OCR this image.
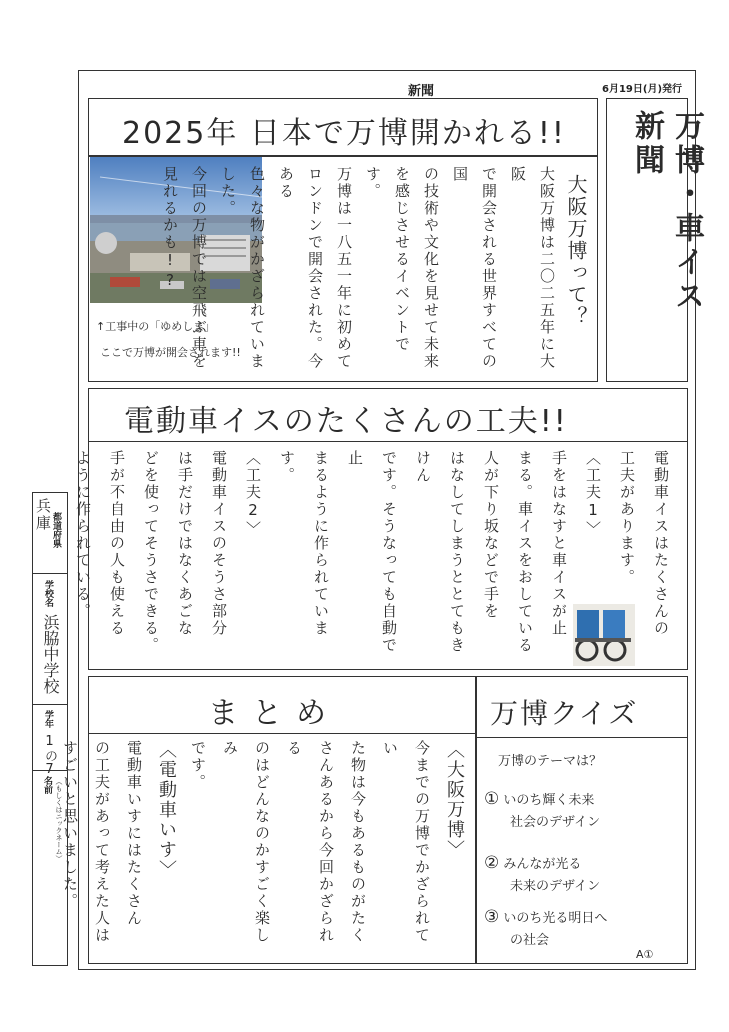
新聞	6月19日(月)発行
2025年 日本で万博開かれる!!
↑工事中の「ゆめしま」
ここで万博が開会されます!!
大阪万博って？
大阪万博は二〇二五年に大阪
で開会される世界すべての国
の技術や文化を見せて未来
を感じさせるイベントです。
万博は一八五一年に初めて
ロンドンで開会された。今ある
色々な物がかざられていました。
今回の万博では空飛ぶ車を
見れるかも!?	万博・車イス 新聞
電動車イスのたくさんの工夫!!
電動車イスはたくさんの
工夫があります。
〈工夫1〉
手をはなすと車イスが止
まる。車イスをおしている
人が下り坂などで手を
はなしてしまうととてもきけん
です。そうなっても自動で止
まるように作られています。
〈工夫2〉
電動車イスのそうさ部分
は手だけではなくあごな
どを使ってそうさできる。
手が不自由の人も使える
ように作られている。
まとめ
〈大阪万博〉
今までの万博でかざられてい
た物は今もあるものがたく
さんあるから今回かざられる
のはどんなのかすごく楽しみ
です。
〈電動車いす〉
電動車いすにはたくさん
の工夫があって考えた人は
すごいと思いました。
万博クイズ
万博のテーマは？
① いのち輝く未来
社会のデザイン
② みんなが光る
未来のデザイン
③ いのち光る明日へ
の社会
A①
兵庫 都道府県
学校名
浜脇中学校
学年
1の7
名前 （もしくはニックネーム）
